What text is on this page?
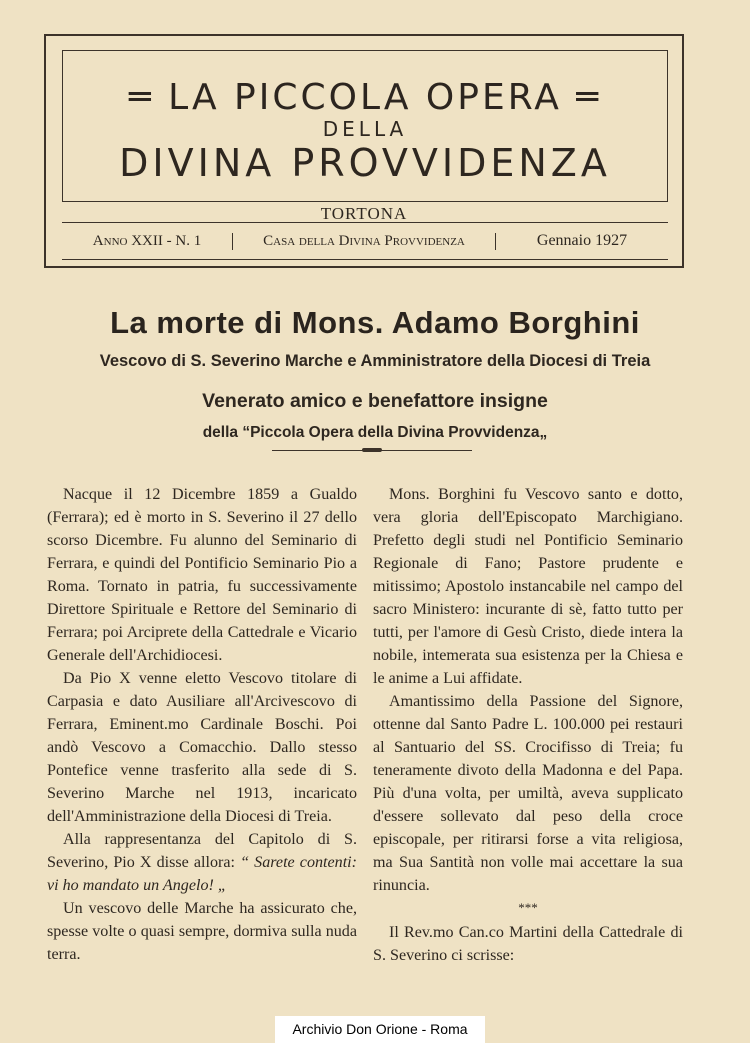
═ LA PICCOLA OPERA ═
DELLA
DIVINA PROVVIDENZA
TORTONA
Anno XXII - N. 1	Casa della Divina Provvidenza	Gennaio 1927
La morte di Mons. Adamo Borghini
Vescovo di S. Severino Marche e Amministratore della Diocesi di Treia
Venerato amico e benefattore insigne
della “Piccola Opera della Divina Provvidenza„

Nacque il 12 Dicembre 1859 a Gualdo (Ferrara); ed è morto in S. Severino il 27 dello scorso Dicembre. Fu alunno del Seminario di Ferrara, e quindi del Pontificio Seminario Pio a Roma. Tornato in patria, fu successivamente Direttore Spirituale e Rettore del Seminario di Ferrara; poi Arciprete della Cattedrale e Vicario Generale dell'Archidiocesi.

Da Pio X venne eletto Vescovo titolare di Carpasia e dato Ausiliare all'Arcivescovo di Ferrara, Eminent.mo Cardinale Boschi. Poi andò Vescovo a Comacchio. Dallo stesso Pontefice venne trasferito alla sede di S. Severino Marche nel 1913, incaricato dell'Amministrazione della Diocesi di Treia.

Alla rappresentanza del Capitolo di S. Severino, Pio X disse allora: “ Sarete contenti: vi ho mandato un Angelo! „

Un vescovo delle Marche ha assicurato che, spesse volte o quasi sempre, dormiva sulla nuda terra.

Mons. Borghini fu Vescovo santo e dotto, vera gloria dell'Episcopato Marchigiano. Prefetto degli studi nel Pontificio Seminario Regionale di Fano; Pastore prudente e mitissimo; Apostolo instancabile nel campo del sacro Ministero: incurante di sè, fatto tutto per tutti, per l'amore di Gesù Cristo, diede intera la nobile, intemerata sua esistenza per la Chiesa e le anime a Lui affidate.

Amantissimo della Passione del Signore, ottenne dal Santo Padre L. 100.000 pei restauri al Santuario del SS. Crocifisso di Treia; fu teneramente divoto della Madonna e del Papa. Più d'una volta, per umiltà, aveva supplicato d'essere sollevato dal peso della croce episcopale, per ritirarsi forse a vita religiosa, ma Sua Santità non volle mai accettare la sua rinuncia.

***

Il Rev.mo Can.co Martini della Cattedrale di S. Severino ci scrisse:

Archivio Don Orione - Roma
